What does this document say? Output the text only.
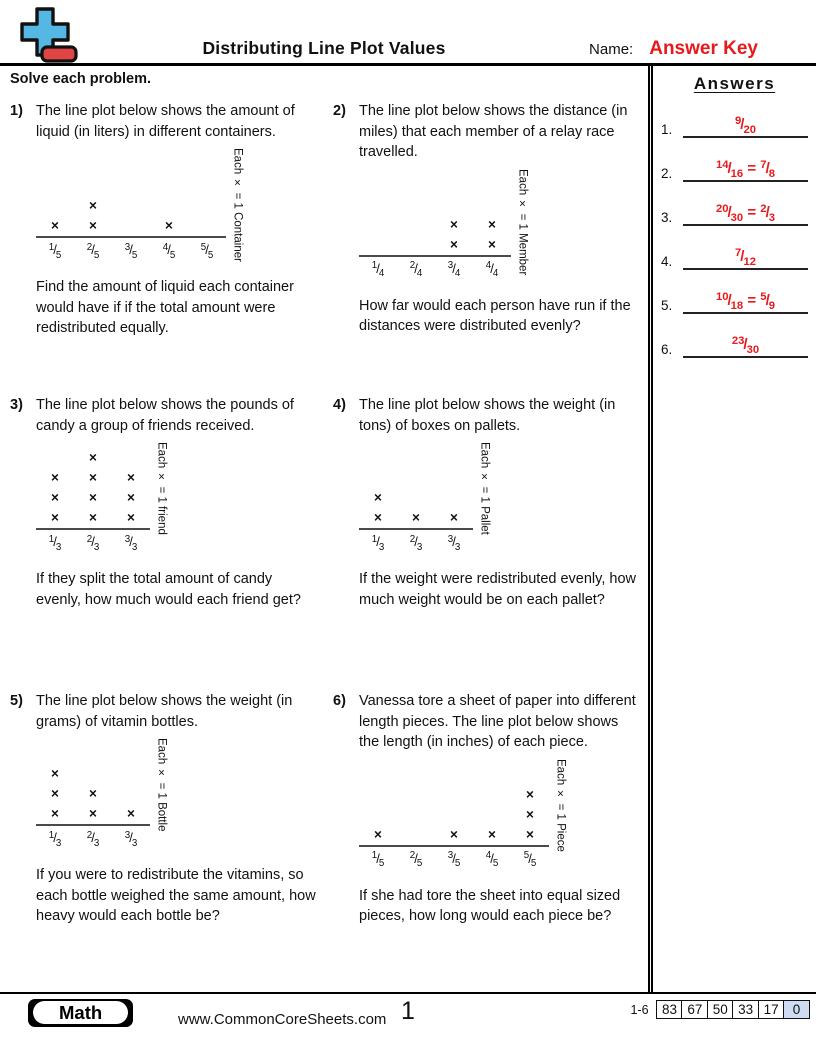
Distributing Line Plot Values	Name: Answer Key
Solve each problem.
1) The line plot below shows the amount of liquid (in liters) in different containers.
×
×
×	×
$^1/_5$
$^2/_5$
$^3/_5$
$^4/_5$
$^5/_5$	Each × = 1 Container
Find the amount of liquid each container would have if if the total amount were redistributed equally.
2) The line plot below shows the distance (in miles) that each member of a relay race travelled.
×
×
×
×
$^1/_4$
$^2/_4$
$^3/_4$
$^4/_4$	Each × = 1 Member
How far would each person have run if the distances were distributed evenly?
3) The line plot below shows the pounds of candy a group of friends received.
×
×
×
×
×
×
×
×
×
×
$^1/_3$
$^2/_3$
$^3/_3$
Each × = 1 friend
If they split the total amount of candy evenly, how much would each friend get?
4) The line plot below shows the weight (in tons) of boxes on pallets.
×
× × ×
$^1/_3$
$^2/_3$
$^3/_3$
Each × = 1 Pallet
If the weight were redistributed evenly, how much weight would be on each pallet?
5) The line plot below shows the weight (in grams) of vitamin bottles.
×
×
×
×
× ×
$^1/_3$
$^2/_3$
$^3/_3$
Each × = 1 Bottle
If you were to redistribute the vitamins, so each bottle weighed the same amount, how heavy would each bottle be?
6) Vanessa tore a sheet of paper into different length pieces. The line plot below shows the length (in inches) of each piece.
×	× ×
×
×
×
$^1/_5$
$^2/_5$
$^3/_5$
$^4/_5$
$^5/_5$
Each × = 1 Piece
If she had tore the sheet into equal sized pieces, how long would each piece be?
Answers
1.
$^9/_{20}$
2.
$^{14}/_{16} = ^7/_8$
3.
$^{20}/_{30} = ^2/_3$
4.
$^7/_{12}$
5.
$^{10}/_{18} = ^5/_9$
6.
$^{23}/_{30}$
Math	www.CommonCoreSheets.com 1	1-6 83 67 50 33 17	0
